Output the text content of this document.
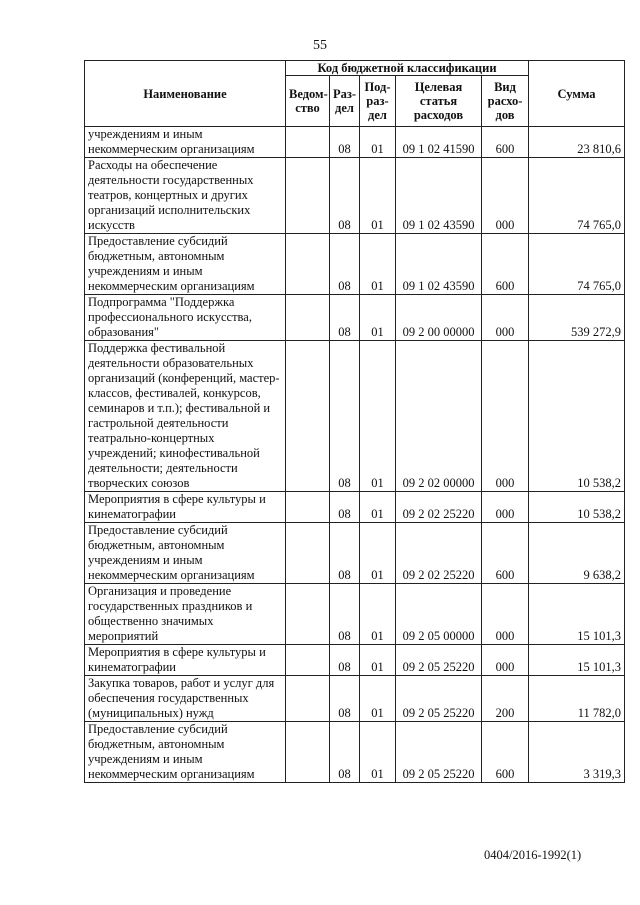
55
Наименование	Код бюджетной классификации					Сумма
	Ведом-ство	Раз-дел	Под-раз-дел	Целевая статья расходов	Вид расхо-дов	
учреждениям и иным некоммерческим организациям		08	01	09 1 02 41590	600	23 810,6
Расходы на обеспечение деятельности государственных театров, концертных и других организаций исполнительских искусств		08	01	09 1 02 43590	000	74 765,0
Предоставление субсидий бюджетным, автономным учреждениям и иным некоммерческим организациям		08	01	09 1 02 43590	600	74 765,0
Подпрограмма "Поддержка профессионального искусства, образования"		08	01	09 2 00 00000	000	539 272,9
Поддержка фестивальной деятельности образовательных организаций (конференций, мастер-классов, фестивалей, конкурсов, семинаров и т.п.); фестивальной и гастрольной деятельности театрально-концертных учреждений; кинофестивальной деятельности; деятельности творческих союзов		08	01	09 2 02 00000	000	10 538,2
Мероприятия в сфере культуры и кинематографии		08	01	09 2 02 25220	000	10 538,2
Предоставление субсидий бюджетным, автономным учреждениям и иным некоммерческим организациям		08	01	09 2 02 25220	600	9 638,2
Организация и проведение государственных праздников и общественно значимых мероприятий		08	01	09 2 05 00000	000	15 101,3
Мероприятия в сфере культуры и кинематографии		08	01	09 2 05 25220	000	15 101,3
Закупка товаров, работ и услуг для обеспечения государственных (муниципальных) нужд		08	01	09 2 05 25220	200	11 782,0
Предоставление субсидий бюджетным, автономным учреждениям и иным некоммерческим организациям		08	01	09 2 05 25220	600	3 319,3
0404/2016-1992(1)
